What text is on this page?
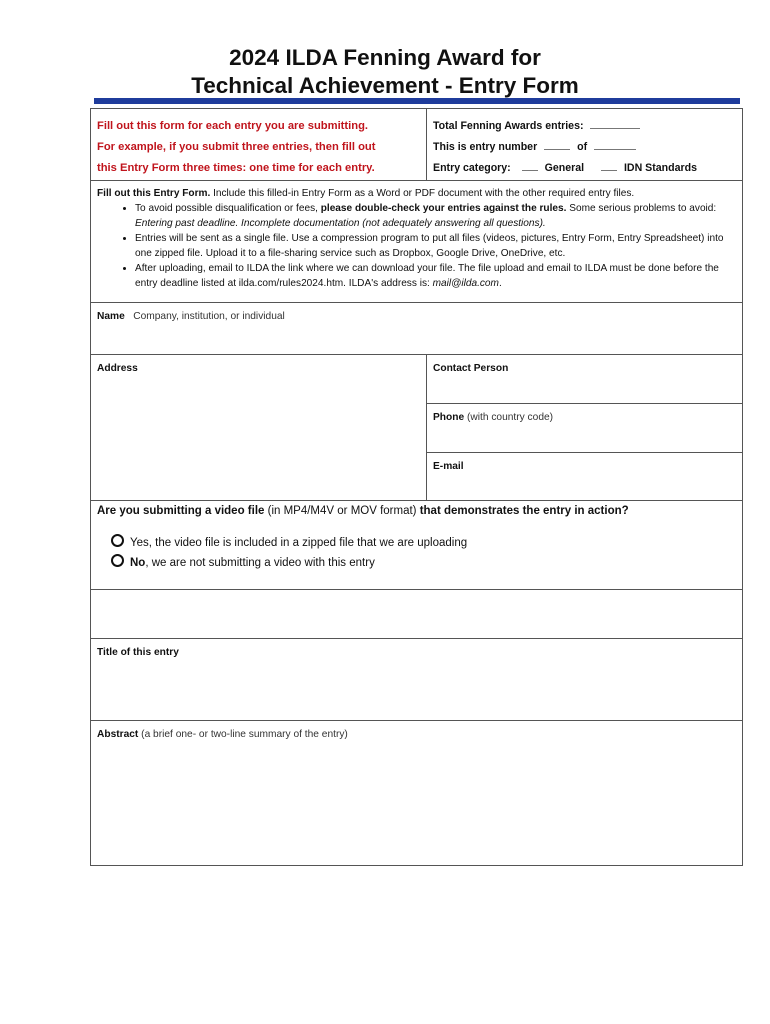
2024 ILDA Fenning Award for
Technical Achievement - Entry Form
Fill out this form for each entry you are submitting.
For example, if you submit three entries, then fill out
this Entry Form three times: one time for each entry.
Total Fenning Awards entries:
This is entry number	of
Entry category:	General	IDN Standards
Fill out this Entry Form. Include this filled-in Entry Form as a Word or PDF document with the other required entry files.
• To avoid possible disqualification or fees, please double-check your entries against the rules. Some serious problems to avoid: Entering past deadline. Incomplete documentation (not adequately answering all questions).
• Entries will be sent as a single file. Use a compression program to put all files (videos, pictures, Entry Form, Entry Spreadsheet) into one zipped file. Upload it to a file-sharing service such as Dropbox, Google Drive, OneDrive, etc.
• After uploading, email to ILDA the link where we can download your file. The file upload and email to ILDA must be done before the entry deadline listed at ilda.com/rules2024.htm. ILDA's address is: mail@ilda.com.
Name Company, institution, or individual
Address	Contact Person
Phone (with country code)
E-mail
Are you submitting a video file (in MP4/M4V or MOV format) that demonstrates the entry in action?
Yes, the video file is included in a zipped file that we are uploading
No, we are not submitting a video with this entry
Title of this entry
Abstract (a brief one- or two-line summary of the entry)
